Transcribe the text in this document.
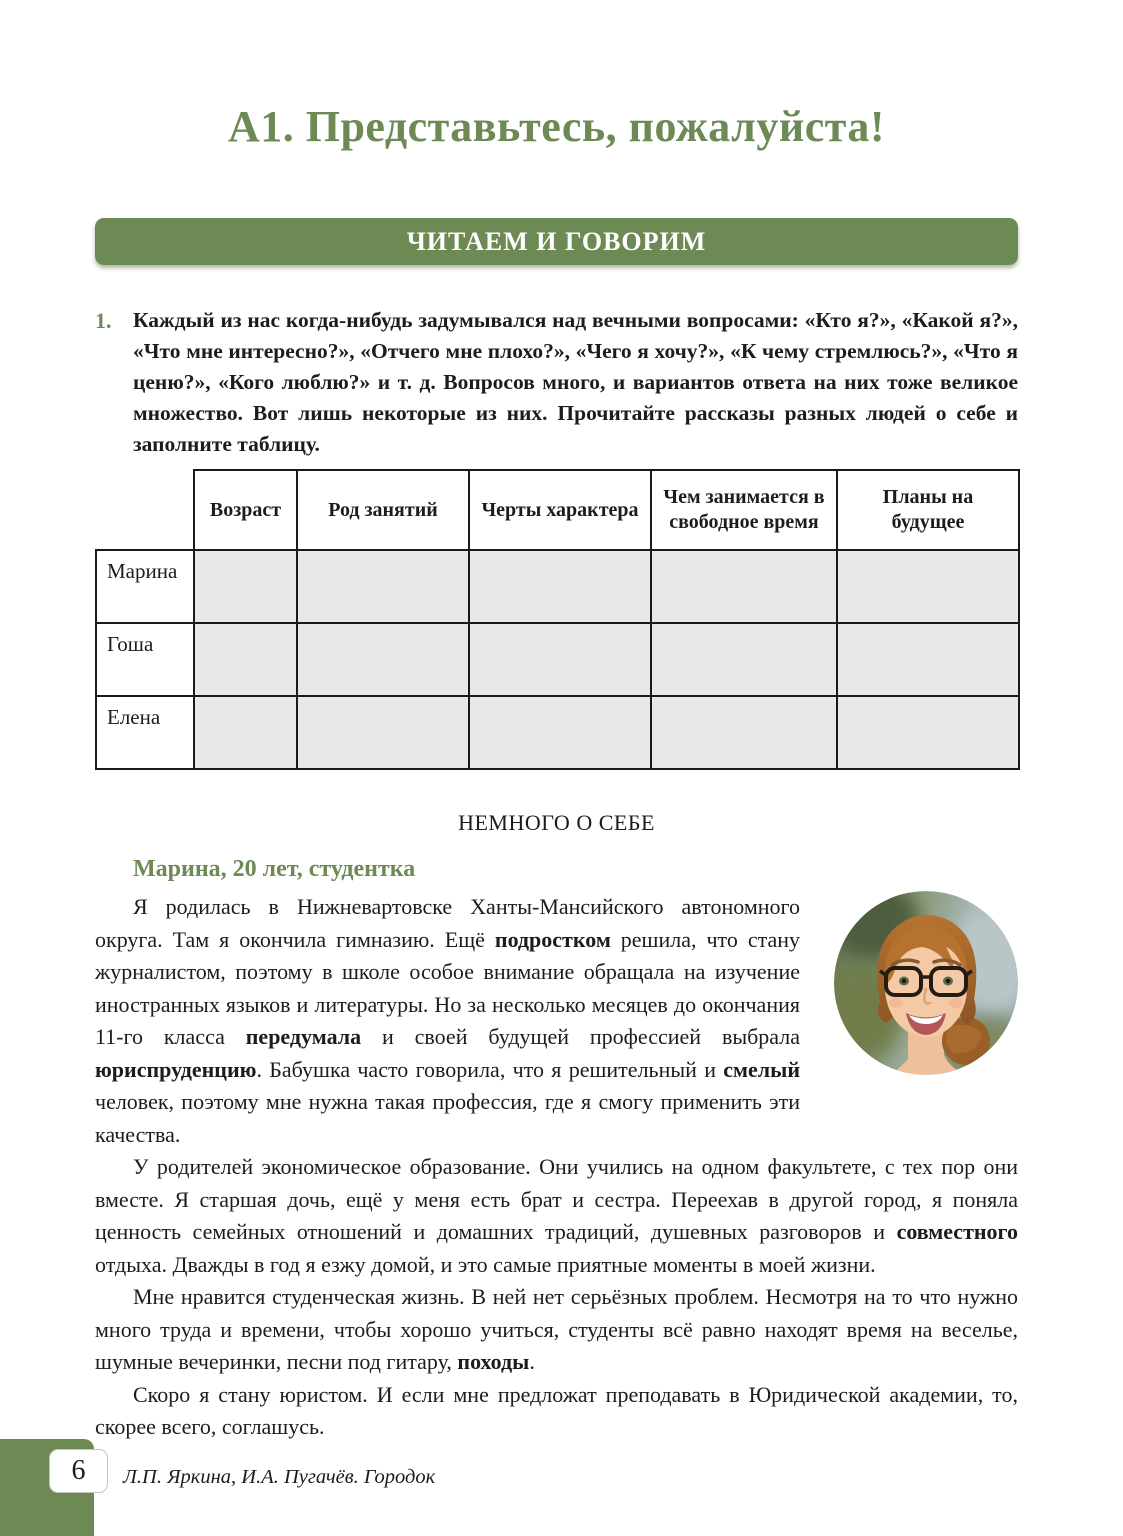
А1. Представьтесь, пожалуйста!
ЧИТАЕМ И ГОВОРИМ
1.	Каждый из нас когда-нибудь задумывался над вечными вопросами: «Кто я?», «Какой я?», «Что мне интересно?», «Отчего мне плохо?», «Чего я хочу?», «К чему стремлюсь?», «Что я ценю?», «Кого люблю?» и т. д. Вопросов много, и вариантов ответа на них тоже великое множество. Вот лишь некоторые из них. Прочитайте рассказы разных людей о себе и заполните таблицу.
	Возраст	Род занятий	Черты характера	Чем занимается в свободное время	Планы на будущее
Марина					
Гоша					
Елена					
НЕМНОГО О СЕБЕ
Марина, 20 лет, студентка

Я родилась в Нижневартовске Ханты-Мансийского автономного округа. Там я окончила гимназию. Ещё подростком решила, что стану журналистом, поэтому в школе особое внимание обращала на изучение иностранных языков и литературы. Но за несколько месяцев до окончания 11-го класса передумала и своей будущей профессией выбрала юриспруденцию. Бабушка часто говорила, что я решительный и смелый человек, поэтому мне нужна такая профессия, где я смогу применить эти качества.

У родителей экономическое образование. Они учились на одном факультете, с тех пор они вместе. Я старшая дочь, ещё у меня есть брат и сестра. Переехав в другой город, я поняла ценность семейных отношений и домашних традиций, душевных разговоров и совместного отдыха. Дважды в год я езжу домой, и это самые приятные моменты в моей жизни.

Мне нравится студенческая жизнь. В ней нет серьёзных проблем. Несмотря на то что нужно много труда и времени, чтобы хорошо учиться, студенты всё равно находят время на веселье, шумные вечеринки, песни под гитару, походы.

Скоро я стану юристом. И если мне предложат преподавать в Юридической академии, то, скорее всего, соглашусь.

6 Л.П. Яркина, И.А. Пугачёв. Городок
